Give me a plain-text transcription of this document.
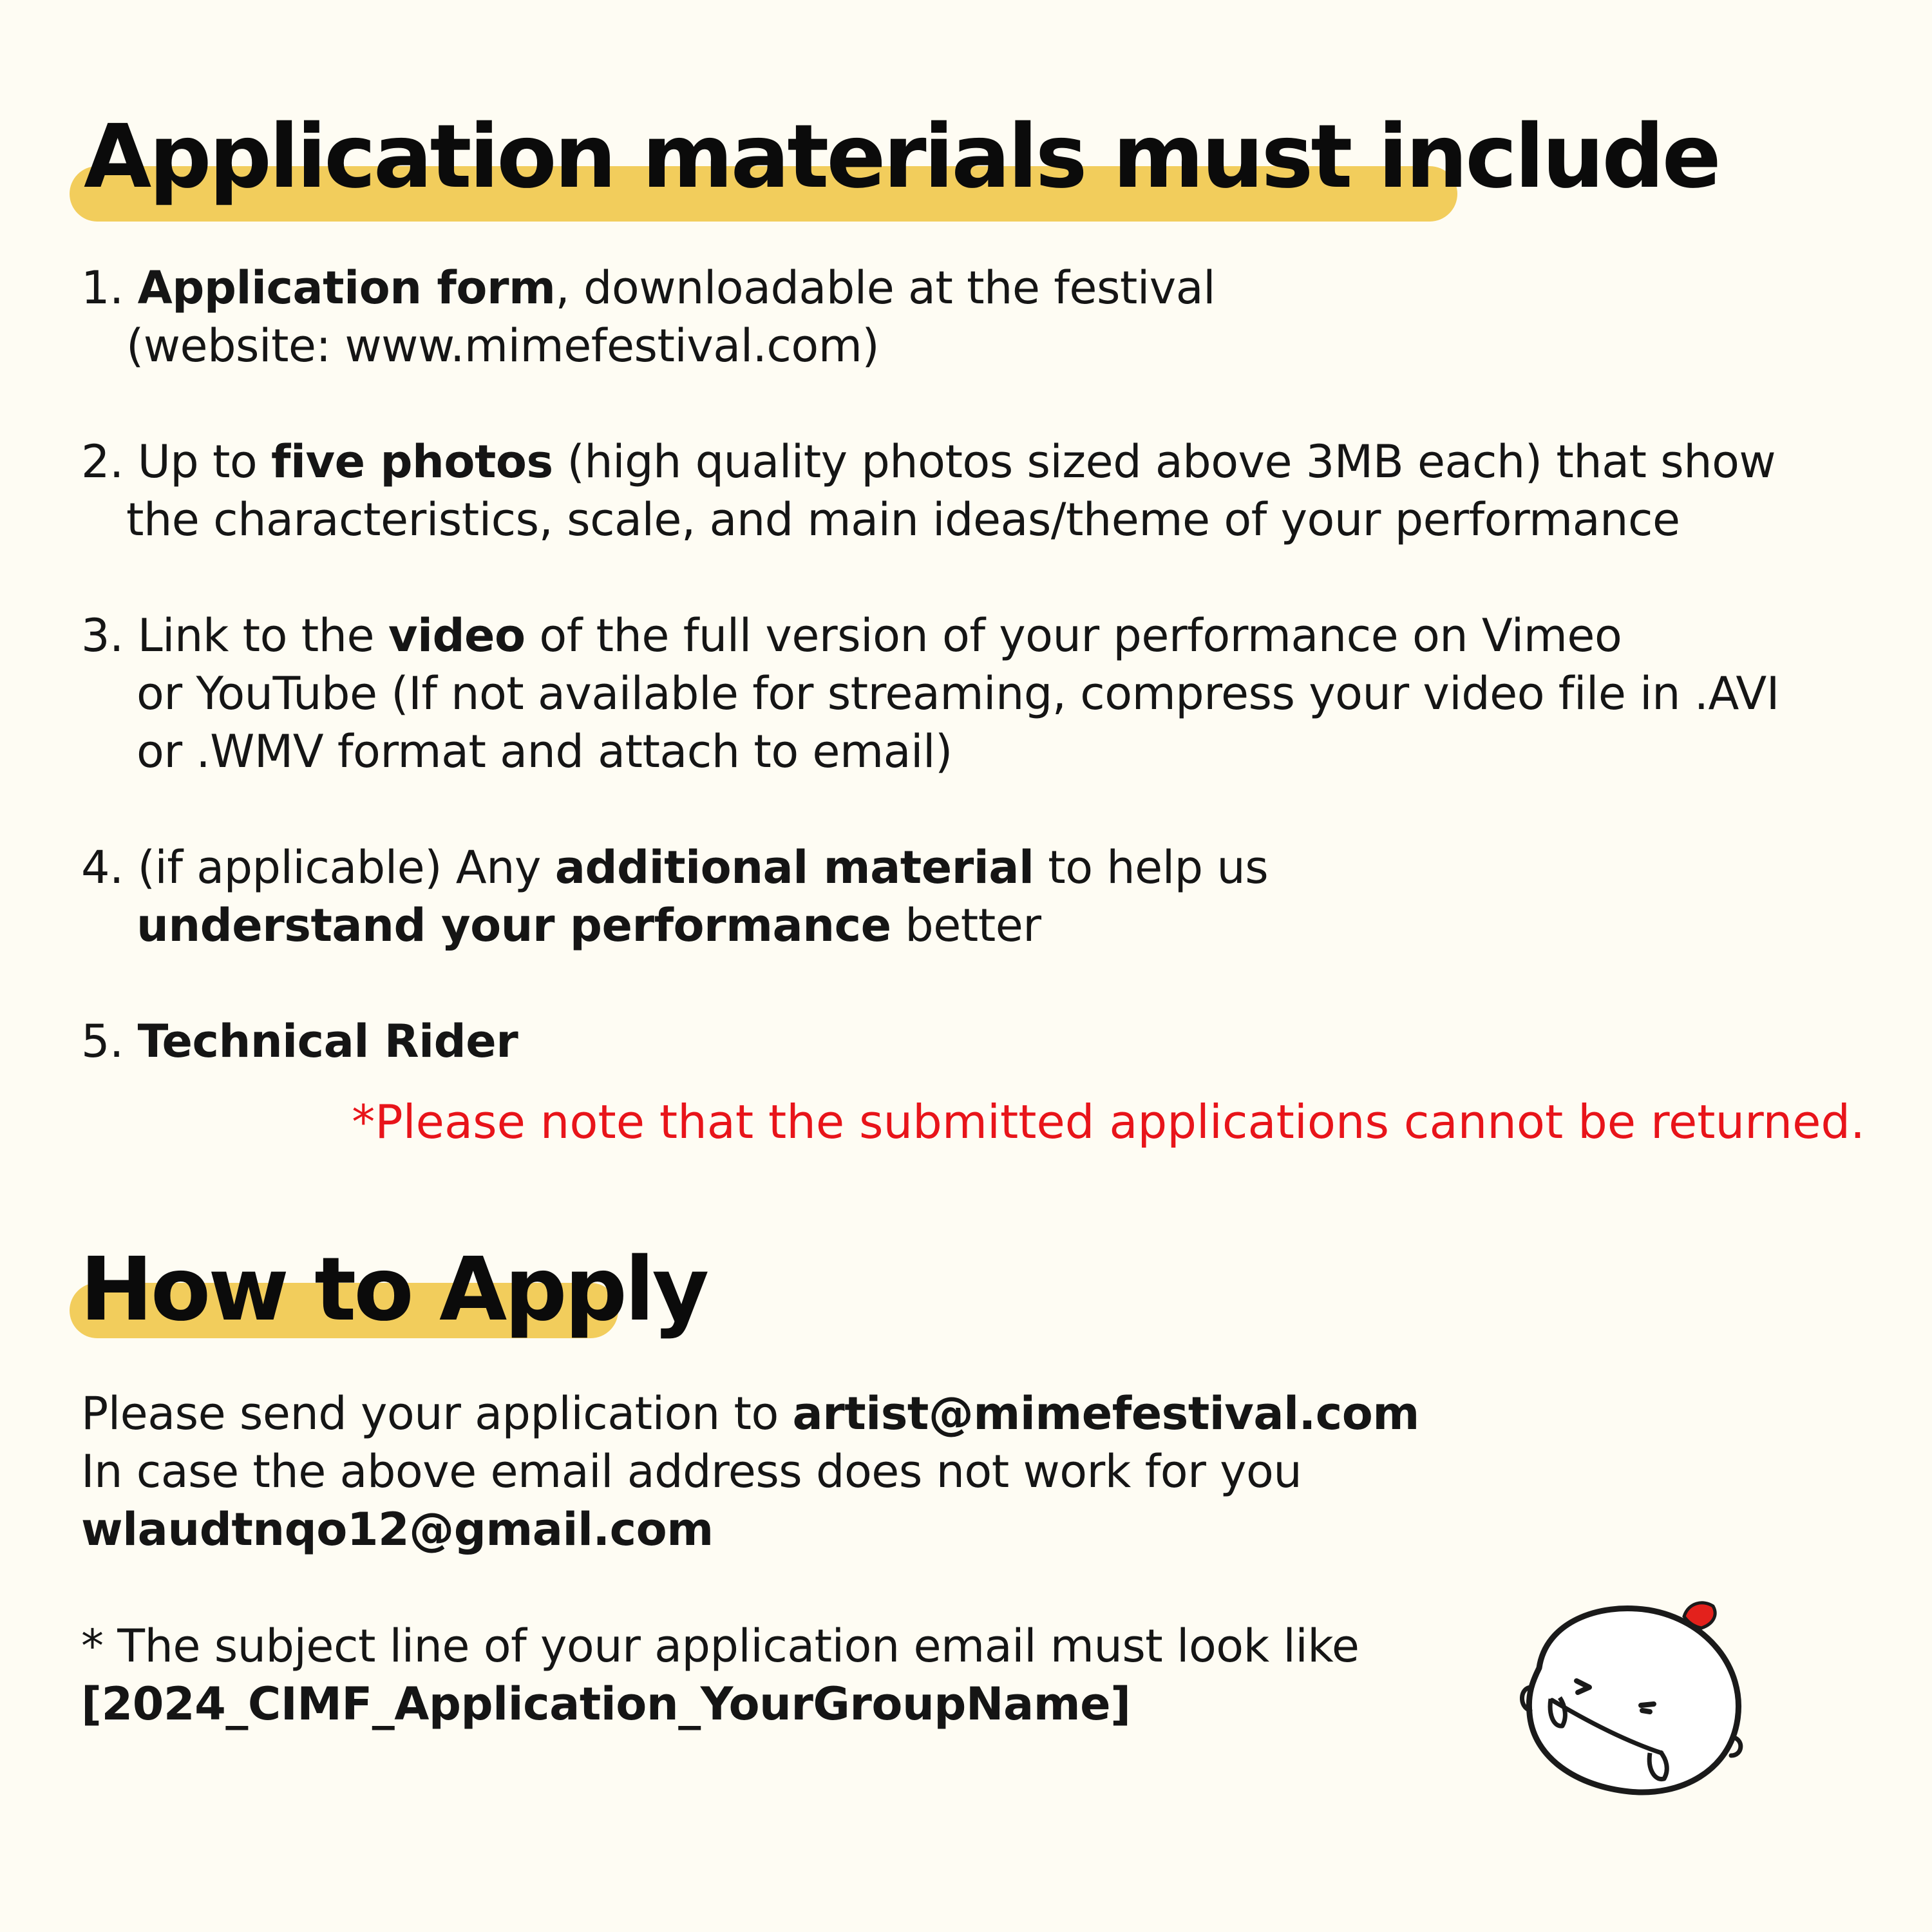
Application materials must include
1. Application form, downloadable at the festival
(website: www.mimefestival.com)
2. Up to five photos (high quality photos sized above 3MB each) that show
the characteristics, scale, and main ideas/theme of your performance
3. Link to the video of the full version of your performance on Vimeo
or YouTube (If not available for streaming, compress your video file in .AVI
or .WMV format and attach to email)
4. (if applicable) Any additional material to help us
understand your performance better
5. Technical Rider
*Please note that the submitted applications cannot be returned.
How to Apply
Please send your application to artist@mimefestival.com
In case the above email address does not work for you
wlaudtnqo12@gmail.com
* The subject line of your application email must look like
[2024_CIMF_Application_YourGroupName]
